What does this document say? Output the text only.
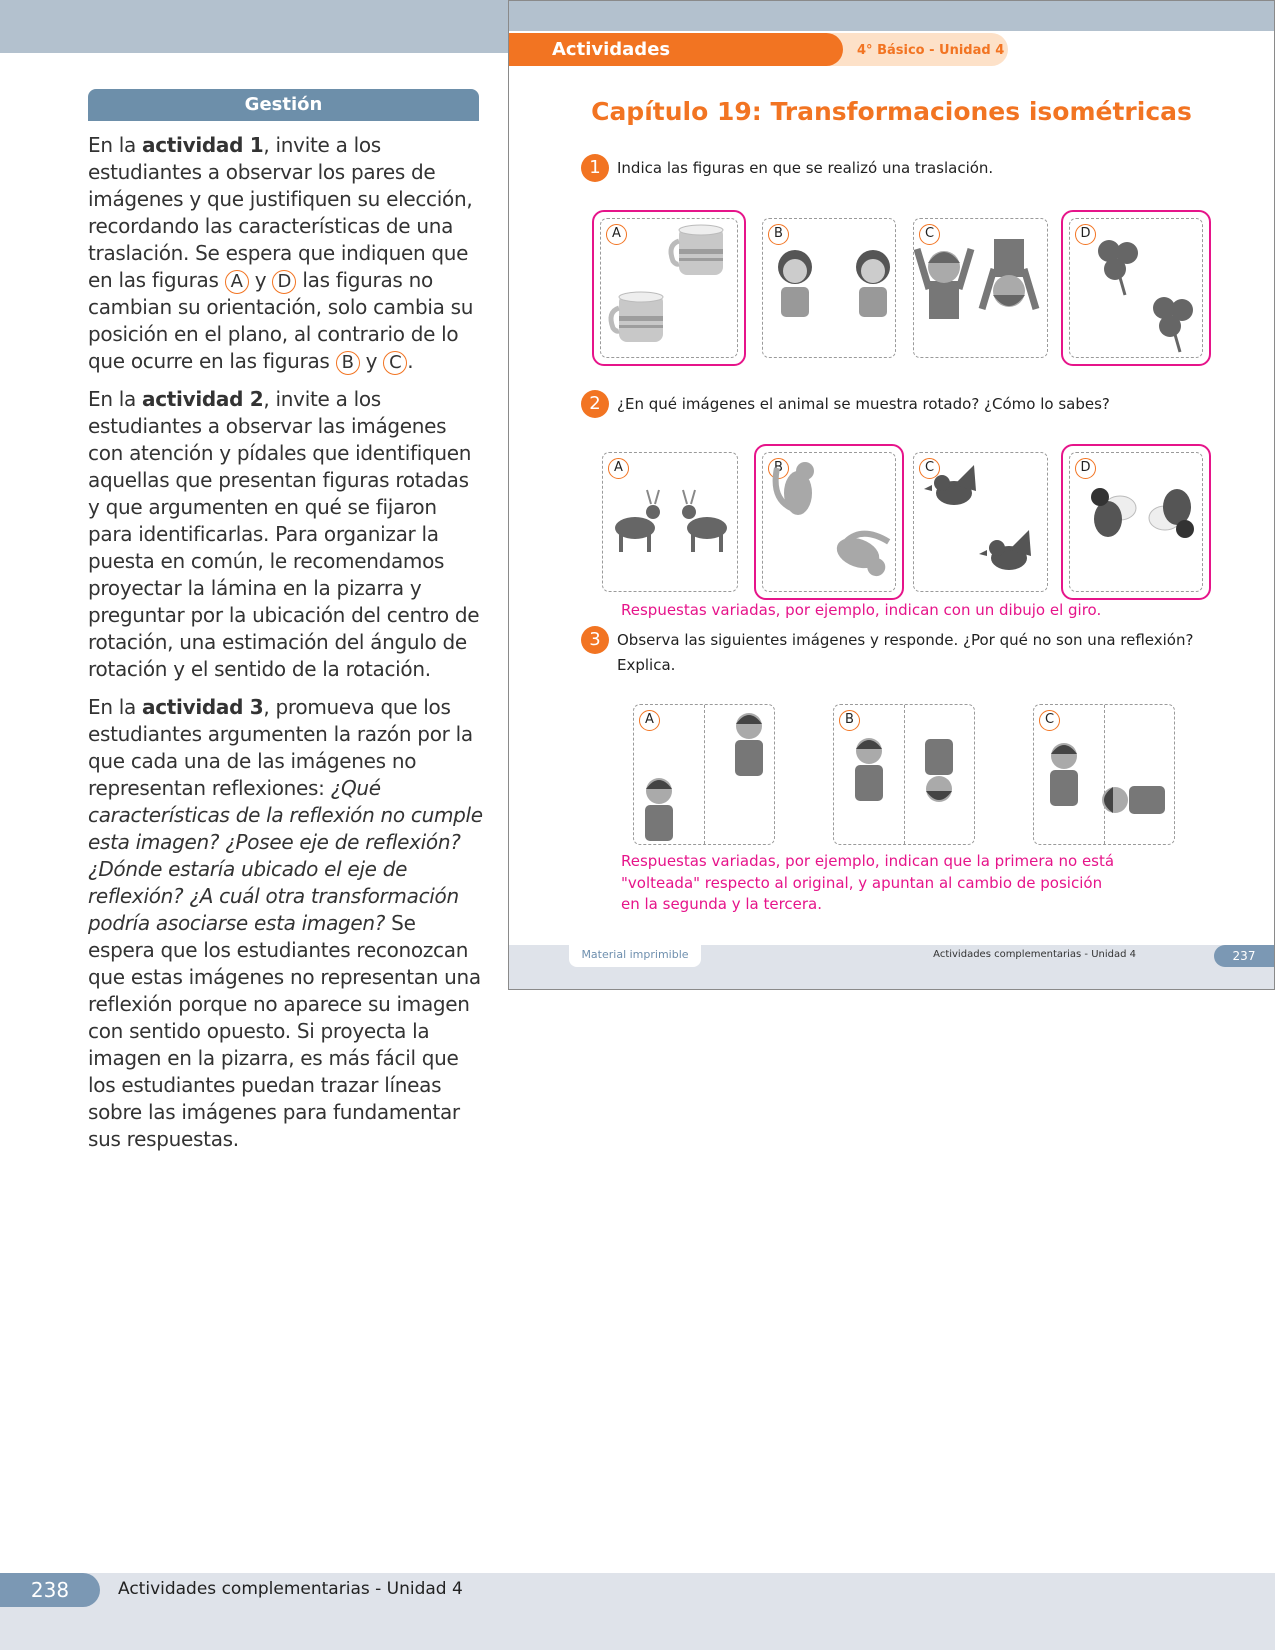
Gestión

En la actividad 1, invite a los estudiantes a observar los pares de imágenes y que justifiquen su elección, recordando las características de una traslación. Se espera que indiquen que en las figuras A y D las figuras no cambian su orientación, solo cambia su posición en el plano, al contrario de lo que ocurre en las figuras B y C .

En la actividad 2, invite a los estudiantes a observar las imágenes con atención y pídales que identifiquen aquellas que presentan figuras rotadas y que argumenten en qué se fijaron para identificarlas. Para organizar la puesta en común, le recomendamos proyectar la lámina en la pizarra y preguntar por la ubicación del centro de rotación, una estimación del ángulo de rotación y el sentido de la rotación.

En la actividad 3, promueva que los estudiantes argumenten la razón por la que cada una de las imágenes no representan reflexiones: ¿Qué características de la reflexión no cumple esta imagen? ¿Posee eje de reflexión? ¿Dónde estaría ubicado el eje de reflexión? ¿A cuál otra transformación podría asociarse esta imagen? Se espera que los estudiantes reconozcan que estas imágenes no representan una reflexión porque no aparece su imagen con sentido opuesto. Si proyecta la imagen en la pizarra, es más fácil que los estudiantes puedan trazar líneas sobre las imágenes para fundamentar sus respuestas.

Actividades complementarias
4° Básico - Unidad 4
Capítulo 19: Transformaciones isométricas
1	Indica las figuras en que se realizó una traslación.
A	B	C	D
2	¿En qué imágenes el animal se muestra rotado? ¿Cómo lo sabes?
A	B	C	D
Respuestas variadas, por ejemplo, indican con un dibujo el giro.
3	Observa las siguientes imágenes y responde. ¿Por qué no son una reflexión?
Explica.
A	B	C
Respuestas variadas, por ejemplo, indican que la primera no está
"volteada" respecto al original, y apuntan al cambio de posición
en la segunda y la tercera.
Material imprimible	Actividades complementarias - Unidad 4	237
238	Actividades complementarias - Unidad 4
